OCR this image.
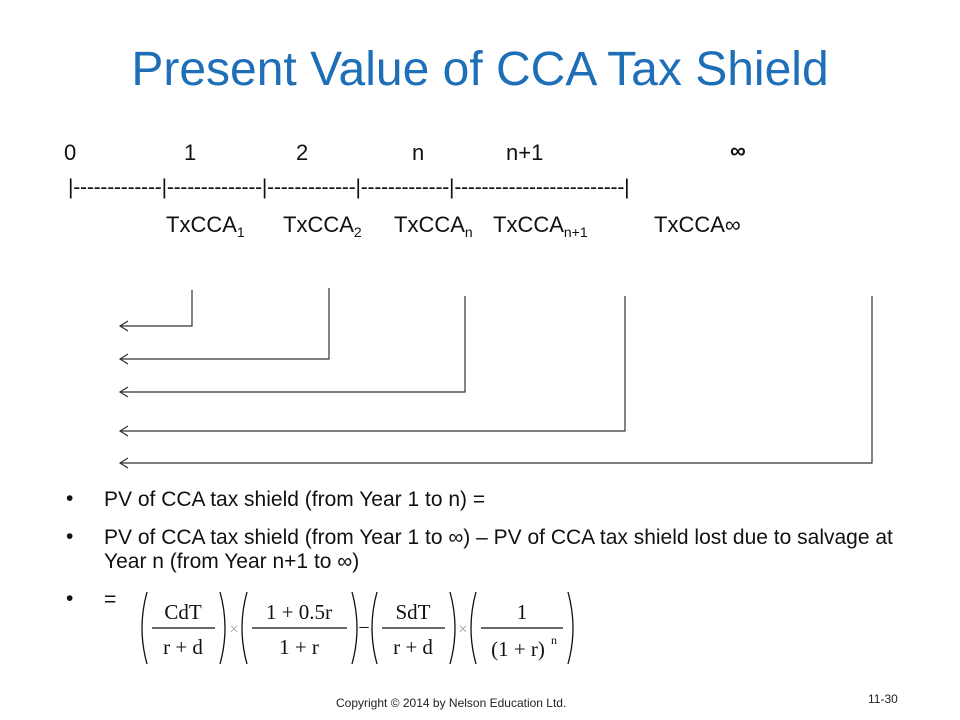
Present Value of CCA Tax Shield
0	1	2	n	n+1	∞
|-------------|--------------|-------------|-------------|-------------------------|
TxCCA$_1$ TxCCA$_2$ TxCCA$_n$ TxCCA$_{n+1}$	TxCCA∞
• PV of CCA tax shield (from Year 1 to n) =
• PV of CCA tax shield (from Year 1 to ∞) – PV of CCA tax shield lost due to salvage at Year n (from Year n+1 to ∞)
• =
CdT
r + d
1 + 0.5r
1 + r
SdT
r + d
1
(1 + r) n
×	×
−
Copyright © 2014 by Nelson Education Ltd.	11-30
